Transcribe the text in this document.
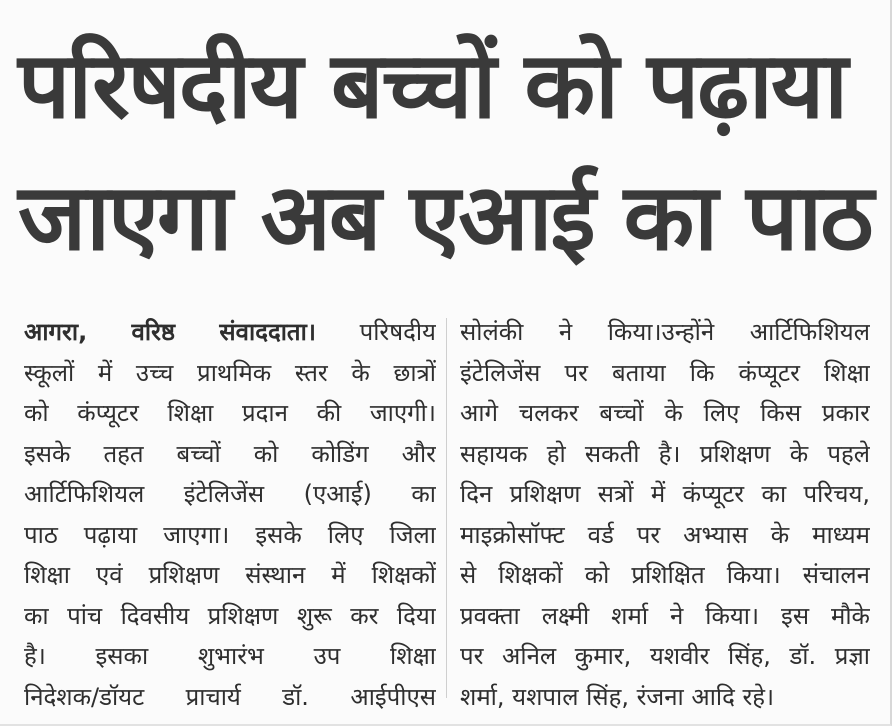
परिषदीय बच्चों को पढ़ाया
जाएगा अब एआई का पाठ
आगरा, वरिष्ठ संवाददाता। परिषदीय
स्कूलों में उच्च प्राथमिक स्तर के छात्रों
को कंप्यूटर शिक्षा प्रदान की जाएगी।
इसके तहत बच्चों को कोडिंग और
आर्टिफिशियल इंटेलिजेंस (एआई) का
पाठ पढ़ाया जाएगा। इसके लिए जिला
शिक्षा एवं प्रशिक्षण संस्थान में शिक्षकों
का पांच दिवसीय प्रशिक्षण शुरू कर दिया
है। इसका शुभारंभ उप शिक्षा
निदेशक/डॉयट प्राचार्य डॉ. आईपीएस
सोलंकी ने किया।उन्होंने आर्टिफिशियल
इंटेलिजेंस पर बताया कि कंप्यूटर शिक्षा
आगे चलकर बच्चों के लिए किस प्रकार
सहायक हो सकती है। प्रशिक्षण के पहले
दिन प्रशिक्षण सत्रों में कंप्यूटर का परिचय,
माइक्रोसॉफ्ट वर्ड पर अभ्यास के माध्यम
से शिक्षकों को प्रशिक्षित किया। संचालन
प्रवक्ता लक्ष्मी शर्मा ने किया। इस मौके
पर अनिल कुमार, यशवीर सिंह, डॉ. प्रज्ञा
शर्मा, यशपाल सिंह, रंजना आदि रहे।
